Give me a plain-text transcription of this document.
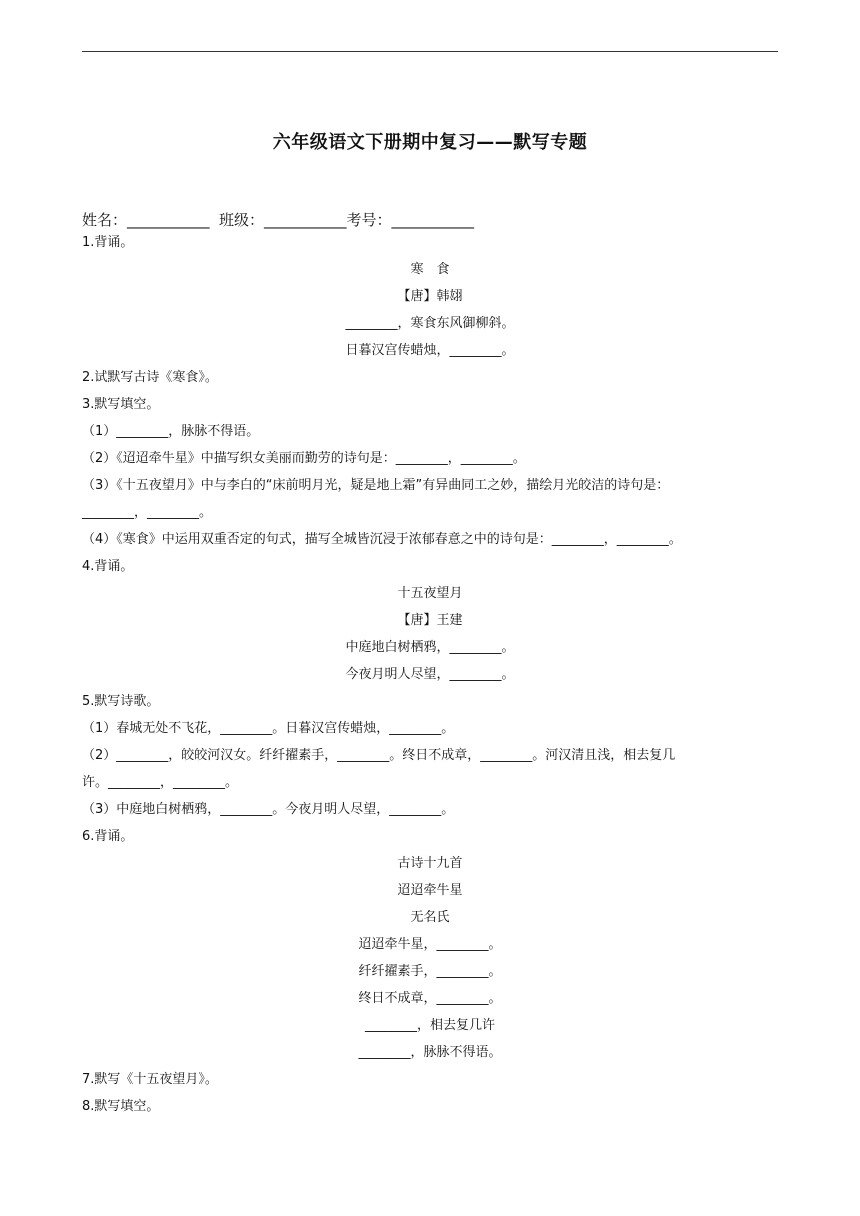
六年级语文下册期中复习——默写专题
姓名：___________  班级：___________考号：___________
1.背诵。
寒　食
【唐】韩翃
________，寒食东风御柳斜。
日暮汉宫传蜡烛，________。
2.试默写古诗《寒食》。
3.默写填空。
（1）________，脉脉不得语。
（2）《迢迢牵牛星》中描写织女美丽而勤劳的诗句是：________，________。
（3）《十五夜望月》中与李白的“床前明月光，疑是地上霜”有异曲同工之妙，描绘月光皎洁的诗句是：
________，________。
（4）《寒食》中运用双重否定的句式，描写全城皆沉浸于浓郁春意之中的诗句是：________，________。
4.背诵。
十五夜望月
【唐】王建
中庭地白树栖鸦，________。
今夜月明人尽望，________。
5.默写诗歌。
（1）春城无处不飞花，________。日暮汉宫传蜡烛，________。
（2）________，皎皎河汉女。纤纤擢素手，________。终日不成章，________。河汉清且浅，相去复几
许。________，________。
（3）中庭地白树栖鸦，________。今夜月明人尽望，________。
6.背诵。
古诗十九首
迢迢牵牛星
无名氏
迢迢牵牛星，________。
纤纤擢素手，________。
终日不成章，________。
________，相去复几许
________，脉脉不得语。
7.默写《十五夜望月》。
8.默写填空。
